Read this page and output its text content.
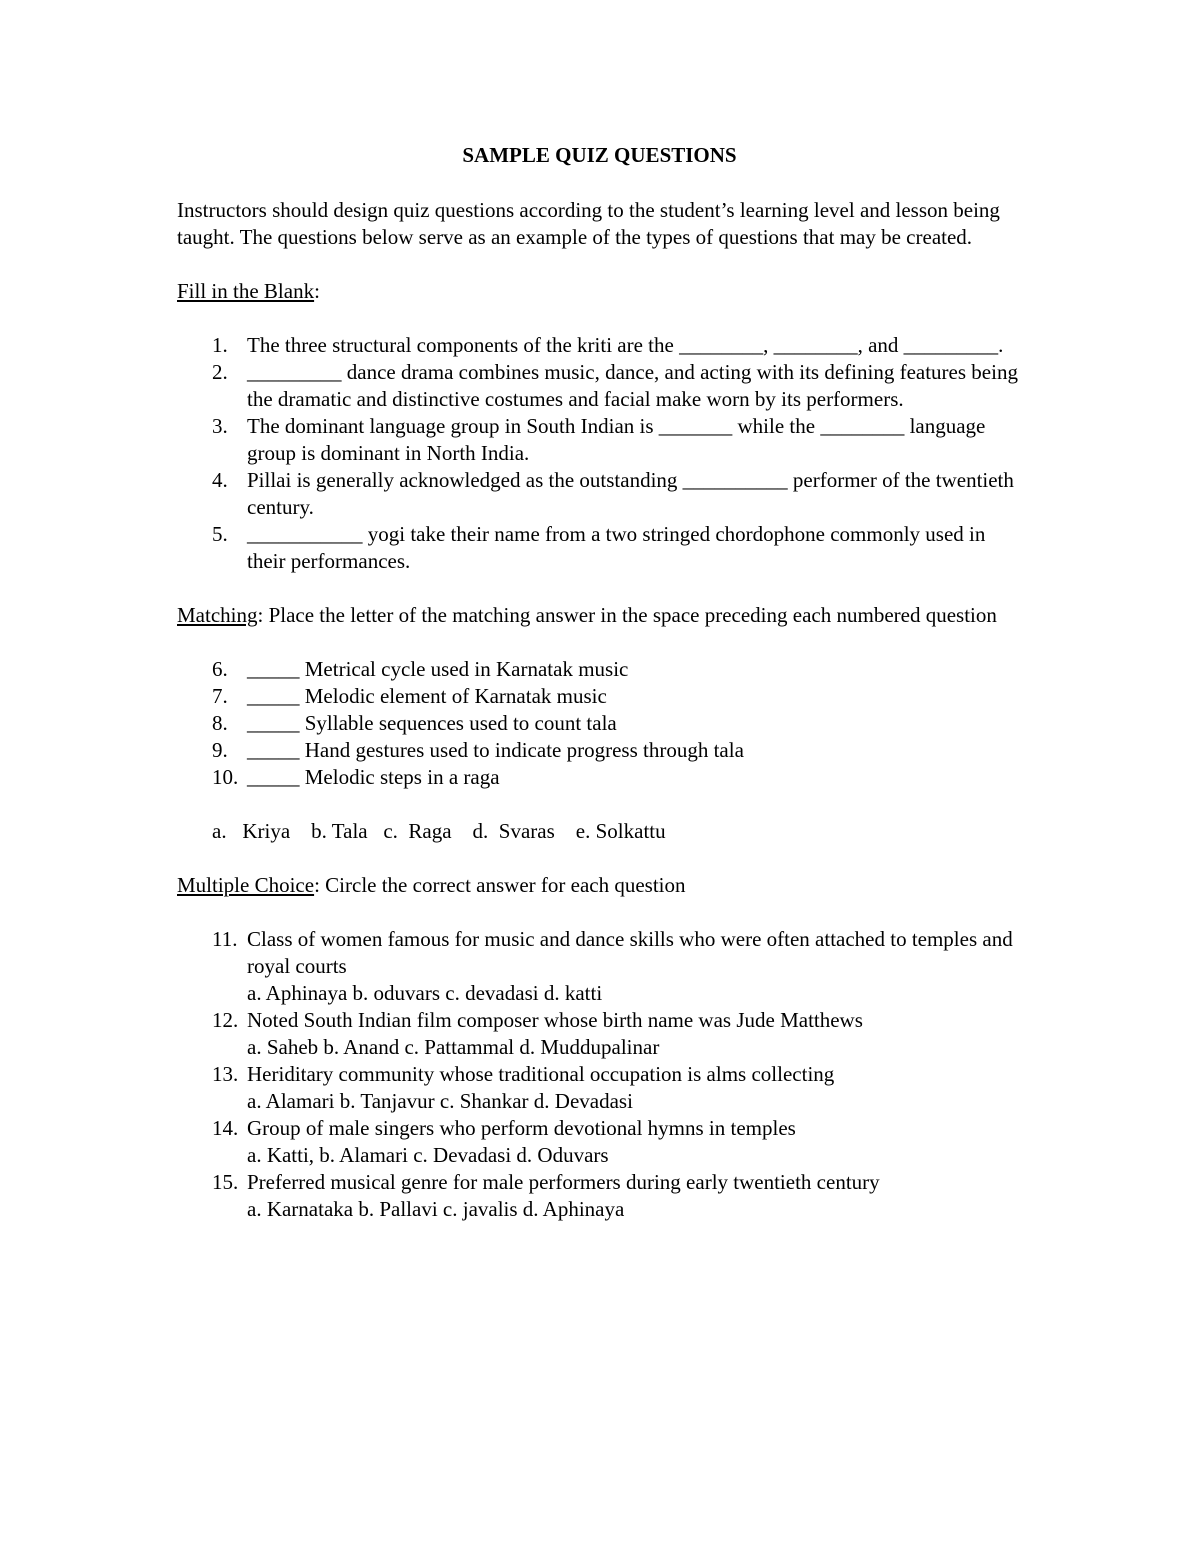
SAMPLE QUIZ QUESTIONS

Instructors should design quiz questions according to the student’s learning level and lesson being taught. The questions below serve as an example of the types of questions that may be created.

Fill in the Blank:

1. The three structural components of the kriti are the ________, ________, and _________.
2. _________ dance drama combines music, dance, and acting with its defining features being the dramatic and distinctive costumes and facial make worn by its performers.
3. The dominant language group in South Indian is _______ while the ________ language group is dominant in North India.
4. Pillai is generally acknowledged as the outstanding __________ performer of the twentieth century.
5. ___________ yogi take their name from a two stringed chordophone commonly used in their performances.

Matching: Place the letter of the matching answer in the space preceding each numbered question

6. _____ Metrical cycle used in Karnatak music
7. _____ Melodic element of Karnatak music
8. _____ Syllable sequences used to count tala
9. _____ Hand gestures used to indicate progress through tala
10. _____ Melodic steps in a raga
a.   Kriya    b. Tala   c.  Raga    d.  Svaras    e. Solkattu

Multiple Choice: Circle the correct answer for each question

11. Class of women famous for music and dance skills who were often attached to temples and royal courts
a. Aphinaya b. oduvars c. devadasi d. katti
12. Noted South Indian film composer whose birth name was Jude Matthews
a. Saheb b. Anand c. Pattammal d. Muddupalinar
13. Heriditary community whose traditional occupation is alms collecting
a. Alamari b. Tanjavur c. Shankar d. Devadasi
14. Group of male singers who perform devotional hymns in temples
a. Katti, b. Alamari c. Devadasi d. Oduvars
15. Preferred musical genre for male performers during early twentieth century
a. Karnataka b. Pallavi c. javalis d. Aphinaya
